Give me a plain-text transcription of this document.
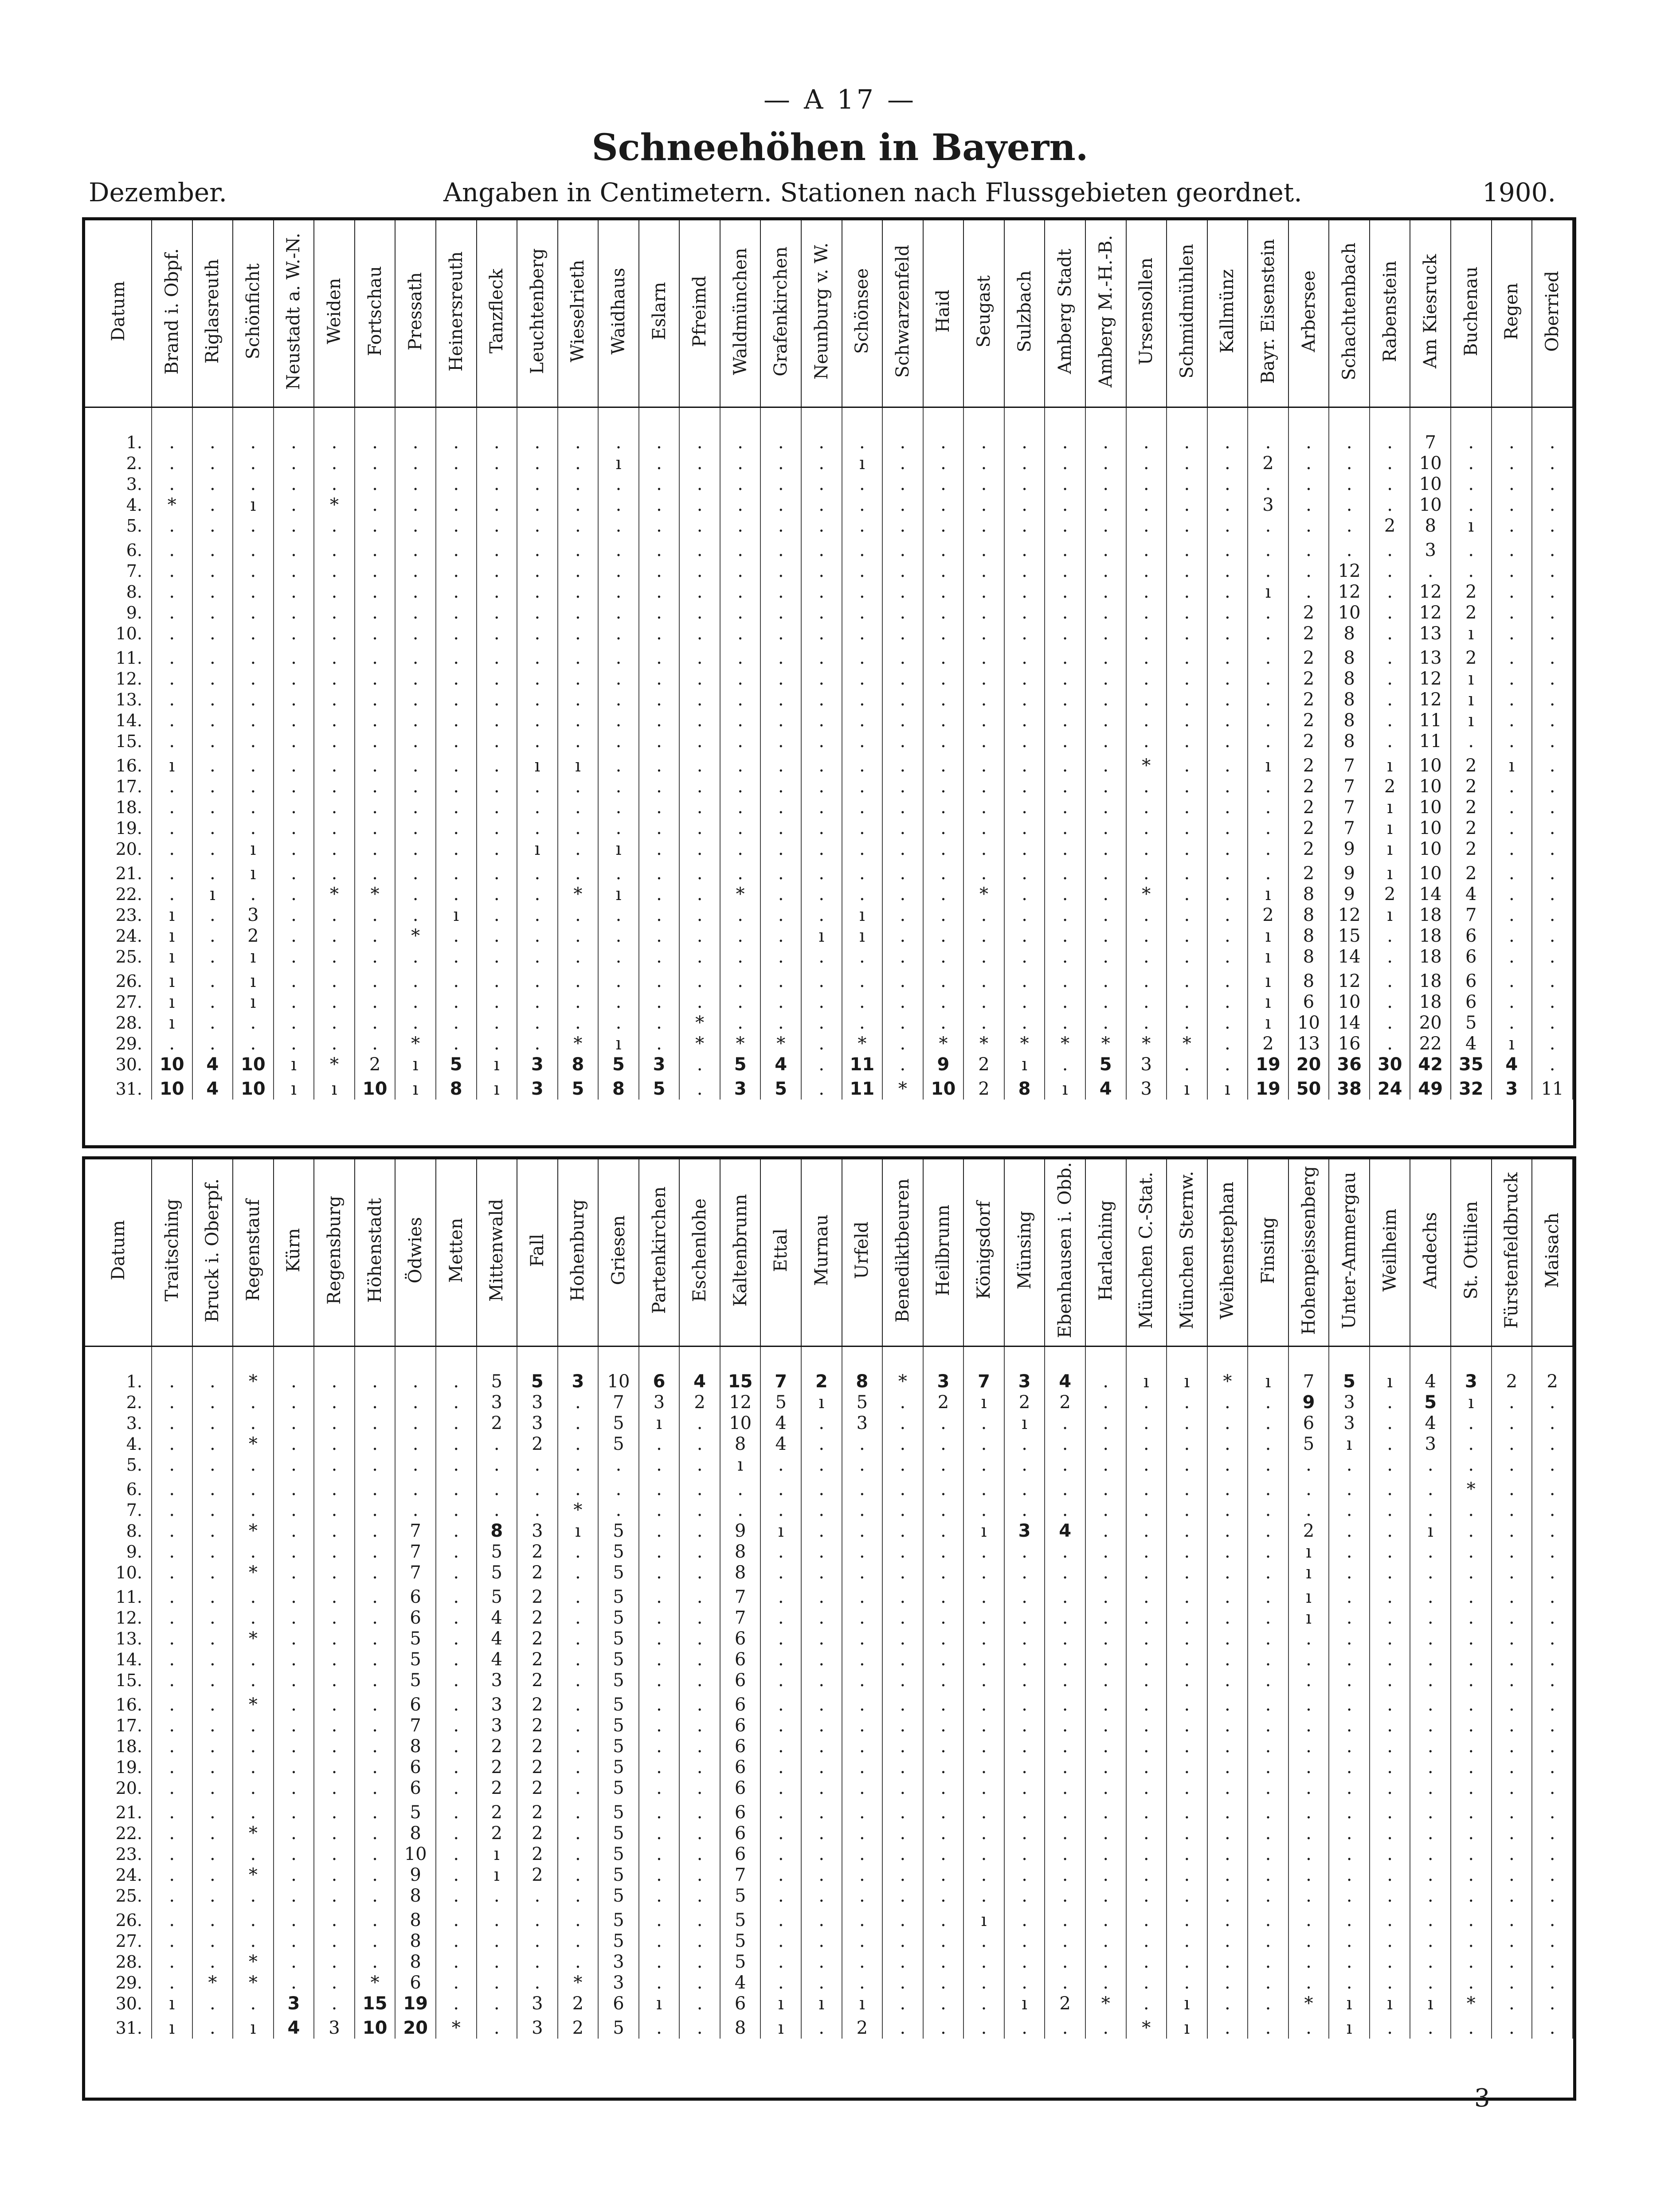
— A 17 —
Schneehöhen in Bayern.
Dezember.	Angaben in Centimetern. Stationen nach Flussgebieten geordnet.	1900.
Datum	Brand i. Obpf.	Riglasreuth	Schönficht	Neustadt a. W.-N.	Weiden	Fortschau	Pressath	Heinersreuth	Tanzfleck	Leuchtenberg	Wieselrieth	Waidhaus	Eslarn	Pfreimd	Waldmünchen	Grafenkirchen	Neunburg v. W.	Schönsee	Schwarzenfeld	Haid	Seugast	Sulzbach	Amberg Stadt	Amberg M.-H.-B.	Ursensollen	Schmidmühlen	Kallmünz	Bayr. Eisenstein	Arbersee	Schachtenbach	Rabenstein	Am Kiesruck	Buchenau	Regen	Oberried

1.	.	.	.	.	.	.	.	.	.	.	.	.	.	.	.	.	.	.	.	.	.	.	.	.	.	.	.	.	.	.	.	7	.	.	.
2.	.	.	.	.	.	.	.	.	.	.	.	ı	.	.	.	.	.	ı	.	.	.	.	.	.	.	.	.	2	.	.	.	10	.	.	.
3.	.	.	.	.	.	.	.	.	.	.	.	.	.	.	.	.	.	.	.	.	.	.	.	.	.	.	.	.	.	.	.	10	.	.	.
4.	*	.	ı	.	*	.	.	.	.	.	.	.	.	.	.	.	.	.	.	.	.	.	.	.	.	.	.	3	.	.	.	10	.	.	.
5.	.	.	.	.	.	.	.	.	.	.	.	.	.	.	.	.	.	.	.	.	.	.	.	.	.	.	.	.	.	.	2	8	ı	.	.

6.	.	.	.	.	.	.	.	.	.	.	.	.	.	.	.	.	.	.	.	.	.	.	.	.	.	.	.	.	.	.	.	3	.	.	.
7.	.	.	.	.	.	.	.	.	.	.	.	.	.	.	.	.	.	.	.	.	.	.	.	.	.	.	.	.	.	12	.	.	.	.	.
8.	.	.	.	.	.	.	.	.	.	.	.	.	.	.	.	.	.	.	.	.	.	.	.	.	.	.	.	ı	.	12	.	12	2	.	.
9.	.	.	.	.	.	.	.	.	.	.	.	.	.	.	.	.	.	.	.	.	.	.	.	.	.	.	.	.	2	10	.	12	2	.	.
10.	.	.	.	.	.	.	.	.	.	.	.	.	.	.	.	.	.	.	.	.	.	.	.	.	.	.	.	.	2	8	.	13	ı	.	.

11.	.	.	.	.	.	.	.	.	.	.	.	.	.	.	.	.	.	.	.	.	.	.	.	.	.	.	.	.	2	8	.	13	2	.	.
12.	.	.	.	.	.	.	.	.	.	.	.	.	.	.	.	.	.	.	.	.	.	.	.	.	.	.	.	.	2	8	.	12	ı	.	.
13.	.	.	.	.	.	.	.	.	.	.	.	.	.	.	.	.	.	.	.	.	.	.	.	.	.	.	.	.	2	8	.	12	ı	.	.
14.	.	.	.	.	.	.	.	.	.	.	.	.	.	.	.	.	.	.	.	.	.	.	.	.	.	.	.	.	2	8	.	11	ı	.	.
15.	.	.	.	.	.	.	.	.	.	.	.	.	.	.	.	.	.	.	.	.	.	.	.	.	.	.	.	.	2	8	.	11	.	.	.

16.	ı	.	.	.	.	.	.	.	.	ı	ı	.	.	.	.	.	.	.	.	.	.	.	.	.	*	.	.	ı	2	7	ı	10	2	ı	.
17.	.	.	.	.	.	.	.	.	.	.	.	.	.	.	.	.	.	.	.	.	.	.	.	.	.	.	.	.	2	7	2	10	2	.	.
18.	.	.	.	.	.	.	.	.	.	.	.	.	.	.	.	.	.	.	.	.	.	.	.	.	.	.	.	.	2	7	ı	10	2	.	.
19.	.	.	.	.	.	.	.	.	.	.	.	.	.	.	.	.	.	.	.	.	.	.	.	.	.	.	.	.	2	7	ı	10	2	.	.
20.	.	.	ı	.	.	.	.	.	.	ı	.	ı	.	.	.	.	.	.	.	.	.	.	.	.	.	.	.	.	2	9	ı	10	2	.	.

21.	.	.	ı	.	.	.	.	.	.	.	.	.	.	.	.	.	.	.	.	.	.	.	.	.	.	.	.	.	2	9	ı	10	2	.	.
22.	.	ı	.	.	*	*	.	.	.	.	*	ı	.	.	*	.	.	.	.	.	*	.	.	.	*	.	.	ı	8	9	2	14	4	.	.
23.	ı	.	3	.	.	.	.	ı	.	.	.	.	.	.	.	.	.	ı	.	.	.	.	.	.	.	.	.	2	8	12	ı	18	7	.	.
24.	ı	.	2	.	.	.	*	.	.	.	.	.	.	.	.	.	ı	ı	.	.	.	.	.	.	.	.	.	ı	8	15	.	18	6	.	.
25.	ı	.	ı	.	.	.	.	.	.	.	.	.	.	.	.	.	.	.	.	.	.	.	.	.	.	.	.	ı	8	14	.	18	6	.	.

26.	ı	.	ı	.	.	.	.	.	.	.	.	.	.	.	.	.	.	.	.	.	.	.	.	.	.	.	.	ı	8	12	.	18	6	.	.
27.	ı	.	ı	.	.	.	.	.	.	.	.	.	.	.	.	.	.	.	.	.	.	.	.	.	.	.	.	ı	6	10	.	18	6	.	.
28.	ı	.	.	.	.	.	.	.	.	.	.	.	.	*	.	.	.	.	.	.	.	.	.	.	.	.	.	ı	10	14	.	20	5	.	.
29.	.	.	.	.	.	.	*	.	.	.	*	ı	.	*	*	*	.	*	.	*	*	*	*	*	*	*	.	2	13	16	.	22	4	ı	.
30.	10	4	10	ı	*	2	ı	5	ı	3	8	5	3	.	5	4	.	11	.	9	2	ı	.	5	3	.	.	19	20	36	30	42	35	4	.

31.	10	4	10	ı	ı	10	ı	8	ı	3	5	8	5	.	3	5	.	11	*	10	2	8	ı	4	3	ı	ı	19	50	38	24	49	32	3	11
Datum	Traitsching	Bruck i. Oberpf.	Regenstauf	Kürn	Regensburg	Höhenstadt	Ödwies	Metten	Mittenwald	Fall	Hohenburg	Griesen	Partenkirchen	Eschenlohe	Kaltenbrunn	Ettal	Murnau	Urfeld	Benediktbeuren	Heilbrunn	Königsdorf	Münsing	Ebenhausen i. Obb.	Harlaching	München C.-Stat.	München Sternw.	Weihenstephan	Finsing	Hohenpeissenberg	Unter-Ammergau	Weilheim	Andechs	St. Ottilien	Fürstenfeldbruck	Maisach

1.	.	.	*	.	.	.	.	.	5	5	3	10	6	4	15	7	2	8	*	3	7	3	4	.	ı	ı	*	ı	7	5	ı	4	3	2	2
2.	.	.	.	.	.	.	.	.	3	3	.	7	3	2	12	5	ı	5	.	2	ı	2	2	.	.	.	.	.	9	3	.	5	ı	.	.
3.	.	.	.	.	.	.	.	.	2	3	.	5	ı	.	10	4	.	3	.	.	.	ı	.	.	.	.	.	.	6	3	.	4	.	.	.
4.	.	.	*	.	.	.	.	.	.	2	.	5	.	.	8	4	.	.	.	.	.	.	.	.	.	.	.	.	5	ı	.	3	.	.	.
5.	.	.	.	.	.	.	.	.	.	.	.	.	.	.	ı	.	.	.	.	.	.	.	.	.	.	.	.	.	.	.	.	.	.	.	.

6.	.	.	.	.	.	.	.	.	.	.	.	.	.	.	.	.	.	.	.	.	.	.	.	.	.	.	.	.	.	.	.	.	*	.	.
7.	.	.	.	.	.	.	.	.	.	.	*	.	.	.	.	.	.	.	.	.	.	.	.	.	.	.	.	.	.	.	.	.	.	.	.
8.	.	.	*	.	.	.	7	.	8	3	ı	5	.	.	9	ı	.	.	.	.	ı	3	4	.	.	.	.	.	2	.	.	ı	.	.	.
9.	.	.	.	.	.	.	7	.	5	2	.	5	.	.	8	.	.	.	.	.	.	.	.	.	.	.	.	.	ı	.	.	.	.	.	.
10.	.	.	*	.	.	.	7	.	5	2	.	5	.	.	8	.	.	.	.	.	.	.	.	.	.	.	.	.	ı	.	.	.	.	.	.

11.	.	.	.	.	.	.	6	.	5	2	.	5	.	.	7	.	.	.	.	.	.	.	.	.	.	.	.	.	ı	.	.	.	.	.	.
12.	.	.	.	.	.	.	6	.	4	2	.	5	.	.	7	.	.	.	.	.	.	.	.	.	.	.	.	.	ı	.	.	.	.	.	.
13.	.	.	*	.	.	.	5	.	4	2	.	5	.	.	6	.	.	.	.	.	.	.	.	.	.	.	.	.	.	.	.	.	.	.	.
14.	.	.	.	.	.	.	5	.	4	2	.	5	.	.	6	.	.	.	.	.	.	.	.	.	.	.	.	.	.	.	.	.	.	.	.
15.	.	.	.	.	.	.	5	.	3	2	.	5	.	.	6	.	.	.	.	.	.	.	.	.	.	.	.	.	.	.	.	.	.	.	.

16.	.	.	*	.	.	.	6	.	3	2	.	5	.	.	6	.	.	.	.	.	.	.	.	.	.	.	.	.	.	.	.	.	.	.	.
17.	.	.	.	.	.	.	7	.	3	2	.	5	.	.	6	.	.	.	.	.	.	.	.	.	.	.	.	.	.	.	.	.	.	.	.
18.	.	.	.	.	.	.	8	.	2	2	.	5	.	.	6	.	.	.	.	.	.	.	.	.	.	.	.	.	.	.	.	.	.	.	.
19.	.	.	.	.	.	.	6	.	2	2	.	5	.	.	6	.	.	.	.	.	.	.	.	.	.	.	.	.	.	.	.	.	.	.	.
20.	.	.	.	.	.	.	6	.	2	2	.	5	.	.	6	.	.	.	.	.	.	.	.	.	.	.	.	.	.	.	.	.	.	.	.

21.	.	.	.	.	.	.	5	.	2	2	.	5	.	.	6	.	.	.	.	.	.	.	.	.	.	.	.	.	.	.	.	.	.	.	.
22.	.	.	*	.	.	.	8	.	2	2	.	5	.	.	6	.	.	.	.	.	.	.	.	.	.	.	.	.	.	.	.	.	.	.	.
23.	.	.	.	.	.	.	10	.	ı	2	.	5	.	.	6	.	.	.	.	.	.	.	.	.	.	.	.	.	.	.	.	.	.	.	.
24.	.	.	*	.	.	.	9	.	ı	2	.	5	.	.	7	.	.	.	.	.	.	.	.	.	.	.	.	.	.	.	.	.	.	.	.
25.	.	.	.	.	.	.	8	.	.	.	.	5	.	.	5	.	.	.	.	.	.	.	.	.	.	.	.	.	.	.	.	.	.	.	.

26.	.	.	.	.	.	.	8	.	.	.	.	5	.	.	5	.	.	.	.	.	ı	.	.	.	.	.	.	.	.	.	.	.	.	.	.
27.	.	.	.	.	.	.	8	.	.	.	.	5	.	.	5	.	.	.	.	.	.	.	.	.	.	.	.	.	.	.	.	.	.	.	.
28.	.	.	*	.	.	.	8	.	.	.	.	3	.	.	5	.	.	.	.	.	.	.	.	.	.	.	.	.	.	.	.	.	.	.	.
29.	.	*	*	.	.	*	6	.	.	.	*	3	.	.	4	.	.	.	.	.	.	.	.	.	.	.	.	.	.	.	.	.	.	.	.
30.	ı	.	.	3	.	15	19	.	.	3	2	6	ı	.	6	ı	ı	ı	.	.	.	ı	2	*	.	ı	.	.	*	ı	ı	ı	*	.	.

31.	ı	.	ı	4	3	10	20	*	.	3	2	5	.	.	8	ı	.	2	.	.	.	.	.	.	*	ı	.	.	.	ı	.	.	.	.	.
3
